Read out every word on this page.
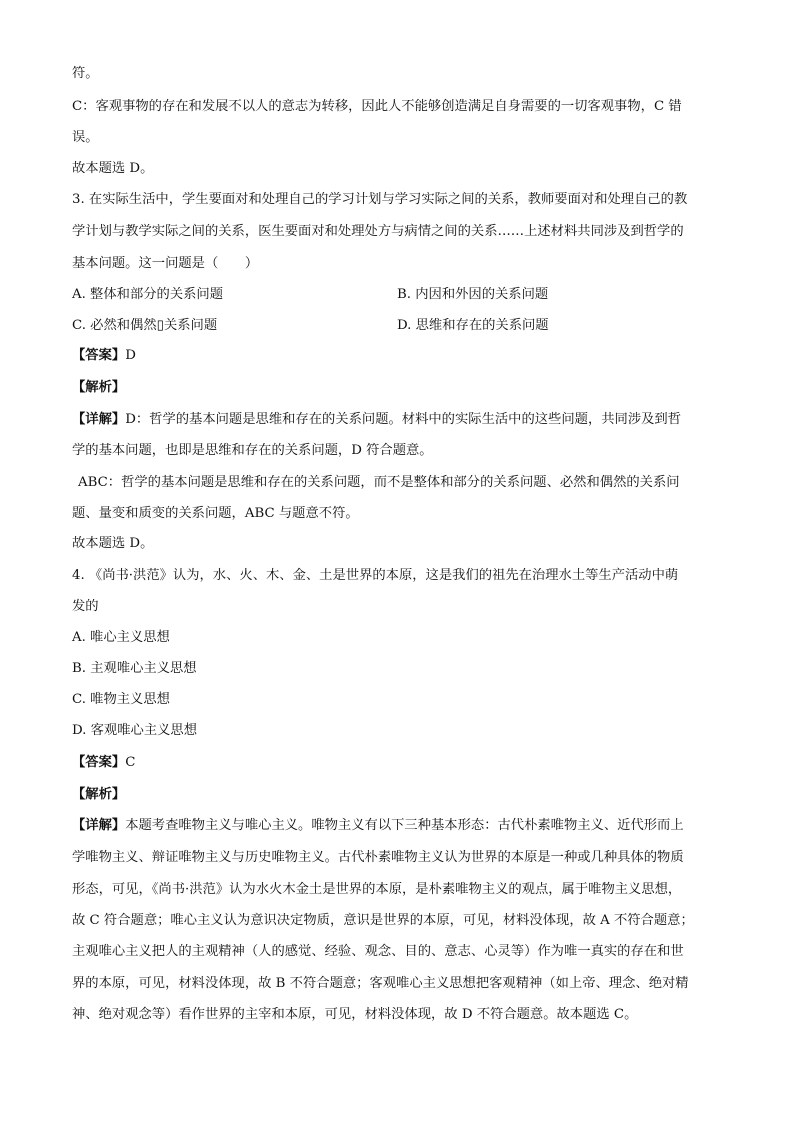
符。
C：客观事物的存在和发展不以人的意志为转移，因此人不能够创造满足自身需要的一切客观事物，C 错
误。
故本题选 D。
3. 在实际生活中，学生要面对和处理自己的学习计划与学习实际之间的关系，教师要面对和处理自己的教
学计划与教学实际之间的关系，医生要面对和处理处方与病情之间的关系……上述材料共同涉及到哲学的
基本问题。这一问题是（　　）
A. 整体和部分的关系问题	B. 内因和外因的关系问题
C. 必然和偶然▯关系问题	D. 思维和存在的关系问题
【答案】D
【解析】
【详解】D：哲学的基本问题是思维和存在的关系问题。材料中的实际生活中的这些问题，共同涉及到哲
学的基本问题，也即是思维和存在的关系问题，D 符合题意。
ABC：哲学的基本问题是思维和存在的关系问题，而不是整体和部分的关系问题、必然和偶然的关系问
题、量变和质变的关系问题，ABC 与题意不符。
故本题选 D。
4. 《尚书·洪范》认为，水、火、木、金、土是世界的本原，这是我们的祖先在治理水土等生产活动中萌
发的
A. 唯心主义思想
B. 主观唯心主义思想
C. 唯物主义思想
D. 客观唯心主义思想
【答案】C
【解析】
【详解】本题考查唯物主义与唯心主义。唯物主义有以下三种基本形态：古代朴素唯物主义、近代形而上
学唯物主义、辩证唯物主义与历史唯物主义。古代朴素唯物主义认为世界的本原是一种或几种具体的物质
形态，可见，《尚书·洪范》认为水火木金土是世界的本原，是朴素唯物主义的观点，属于唯物主义思想，
故 C 符合题意；唯心主义认为意识决定物质，意识是世界的本原，可见，材料没体现，故 A 不符合题意；
主观唯心主义把人的主观精神（人的感觉、经验、观念、目的、意志、心灵等）作为唯一真实的存在和世
界的本原，可见，材料没体现，故 B 不符合题意；客观唯心主义思想把客观精神（如上帝、理念、绝对精
神、绝对观念等）看作世界的主宰和本原，可见，材料没体现，故 D 不符合题意。故本题选 C。
